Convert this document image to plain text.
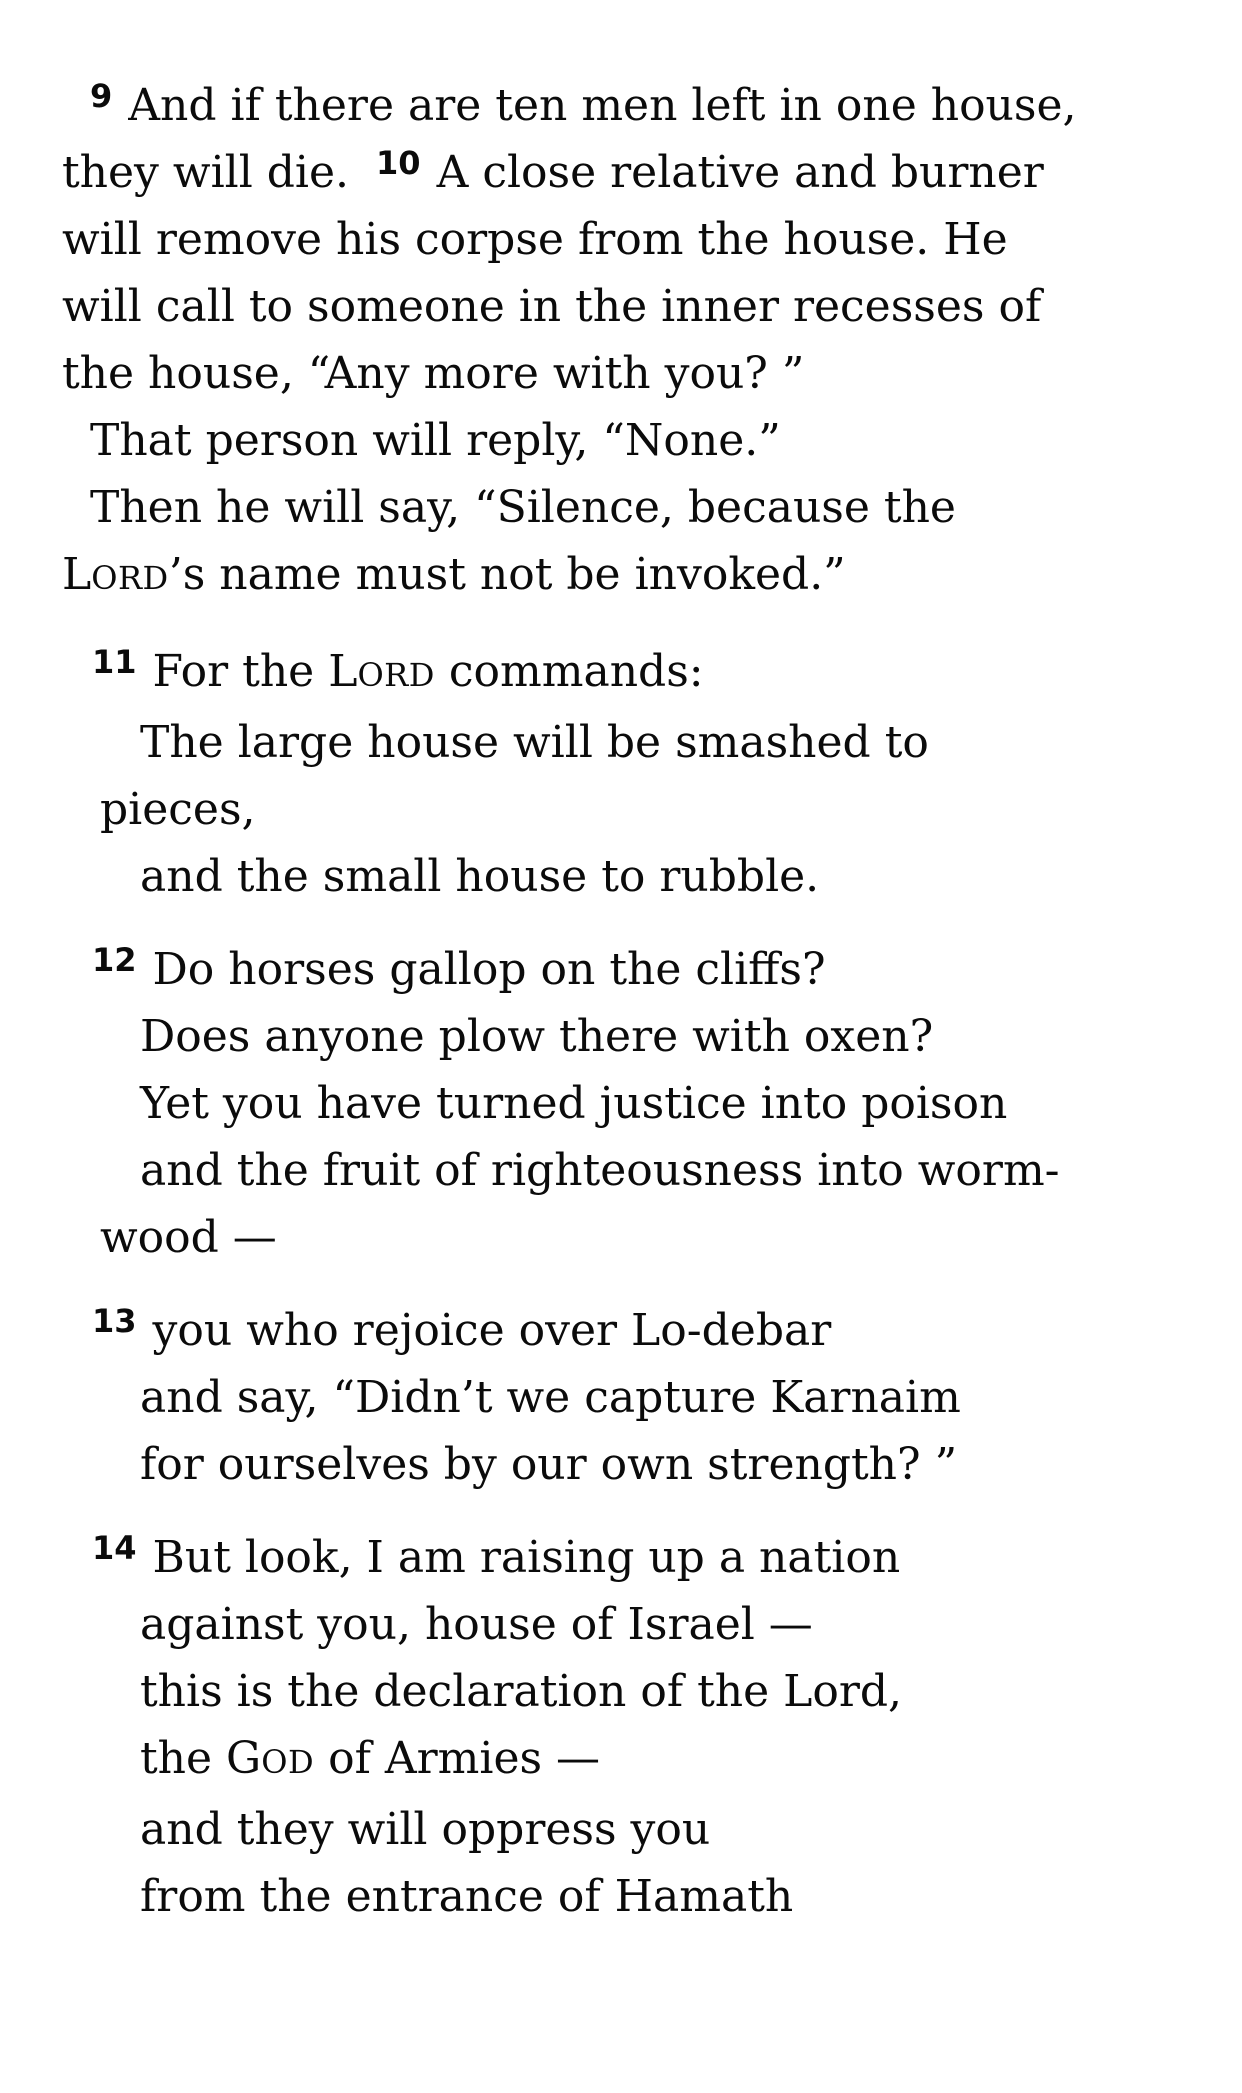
9 And if there are ten men left in one house,
they will die. 10 A close relative and burner
will remove his corpse from the house. He
will call to someone in the inner recesses of
the house, “Any more with you? ”
That person will reply, “None.”
Then he will say, “Silence, because the
LORD’s name must not be invoked.”
11 For the LORD commands:
The large house will be smashed to
pieces,
and the small house to rubble.
12 Do horses gallop on the cliffs?
Does anyone plow there with oxen?
Yet you have turned justice into poison
and the fruit of righteousness into worm-
wood —
13 you who rejoice over Lo-debar
and say, “Didn’t we capture Karnaim
for ourselves by our own strength? ”
14 But look, I am raising up a nation
against you, house of Israel —
this is the declaration of the Lord,
the GOD of Armies —
and they will oppress you
from the entrance of Hamath
